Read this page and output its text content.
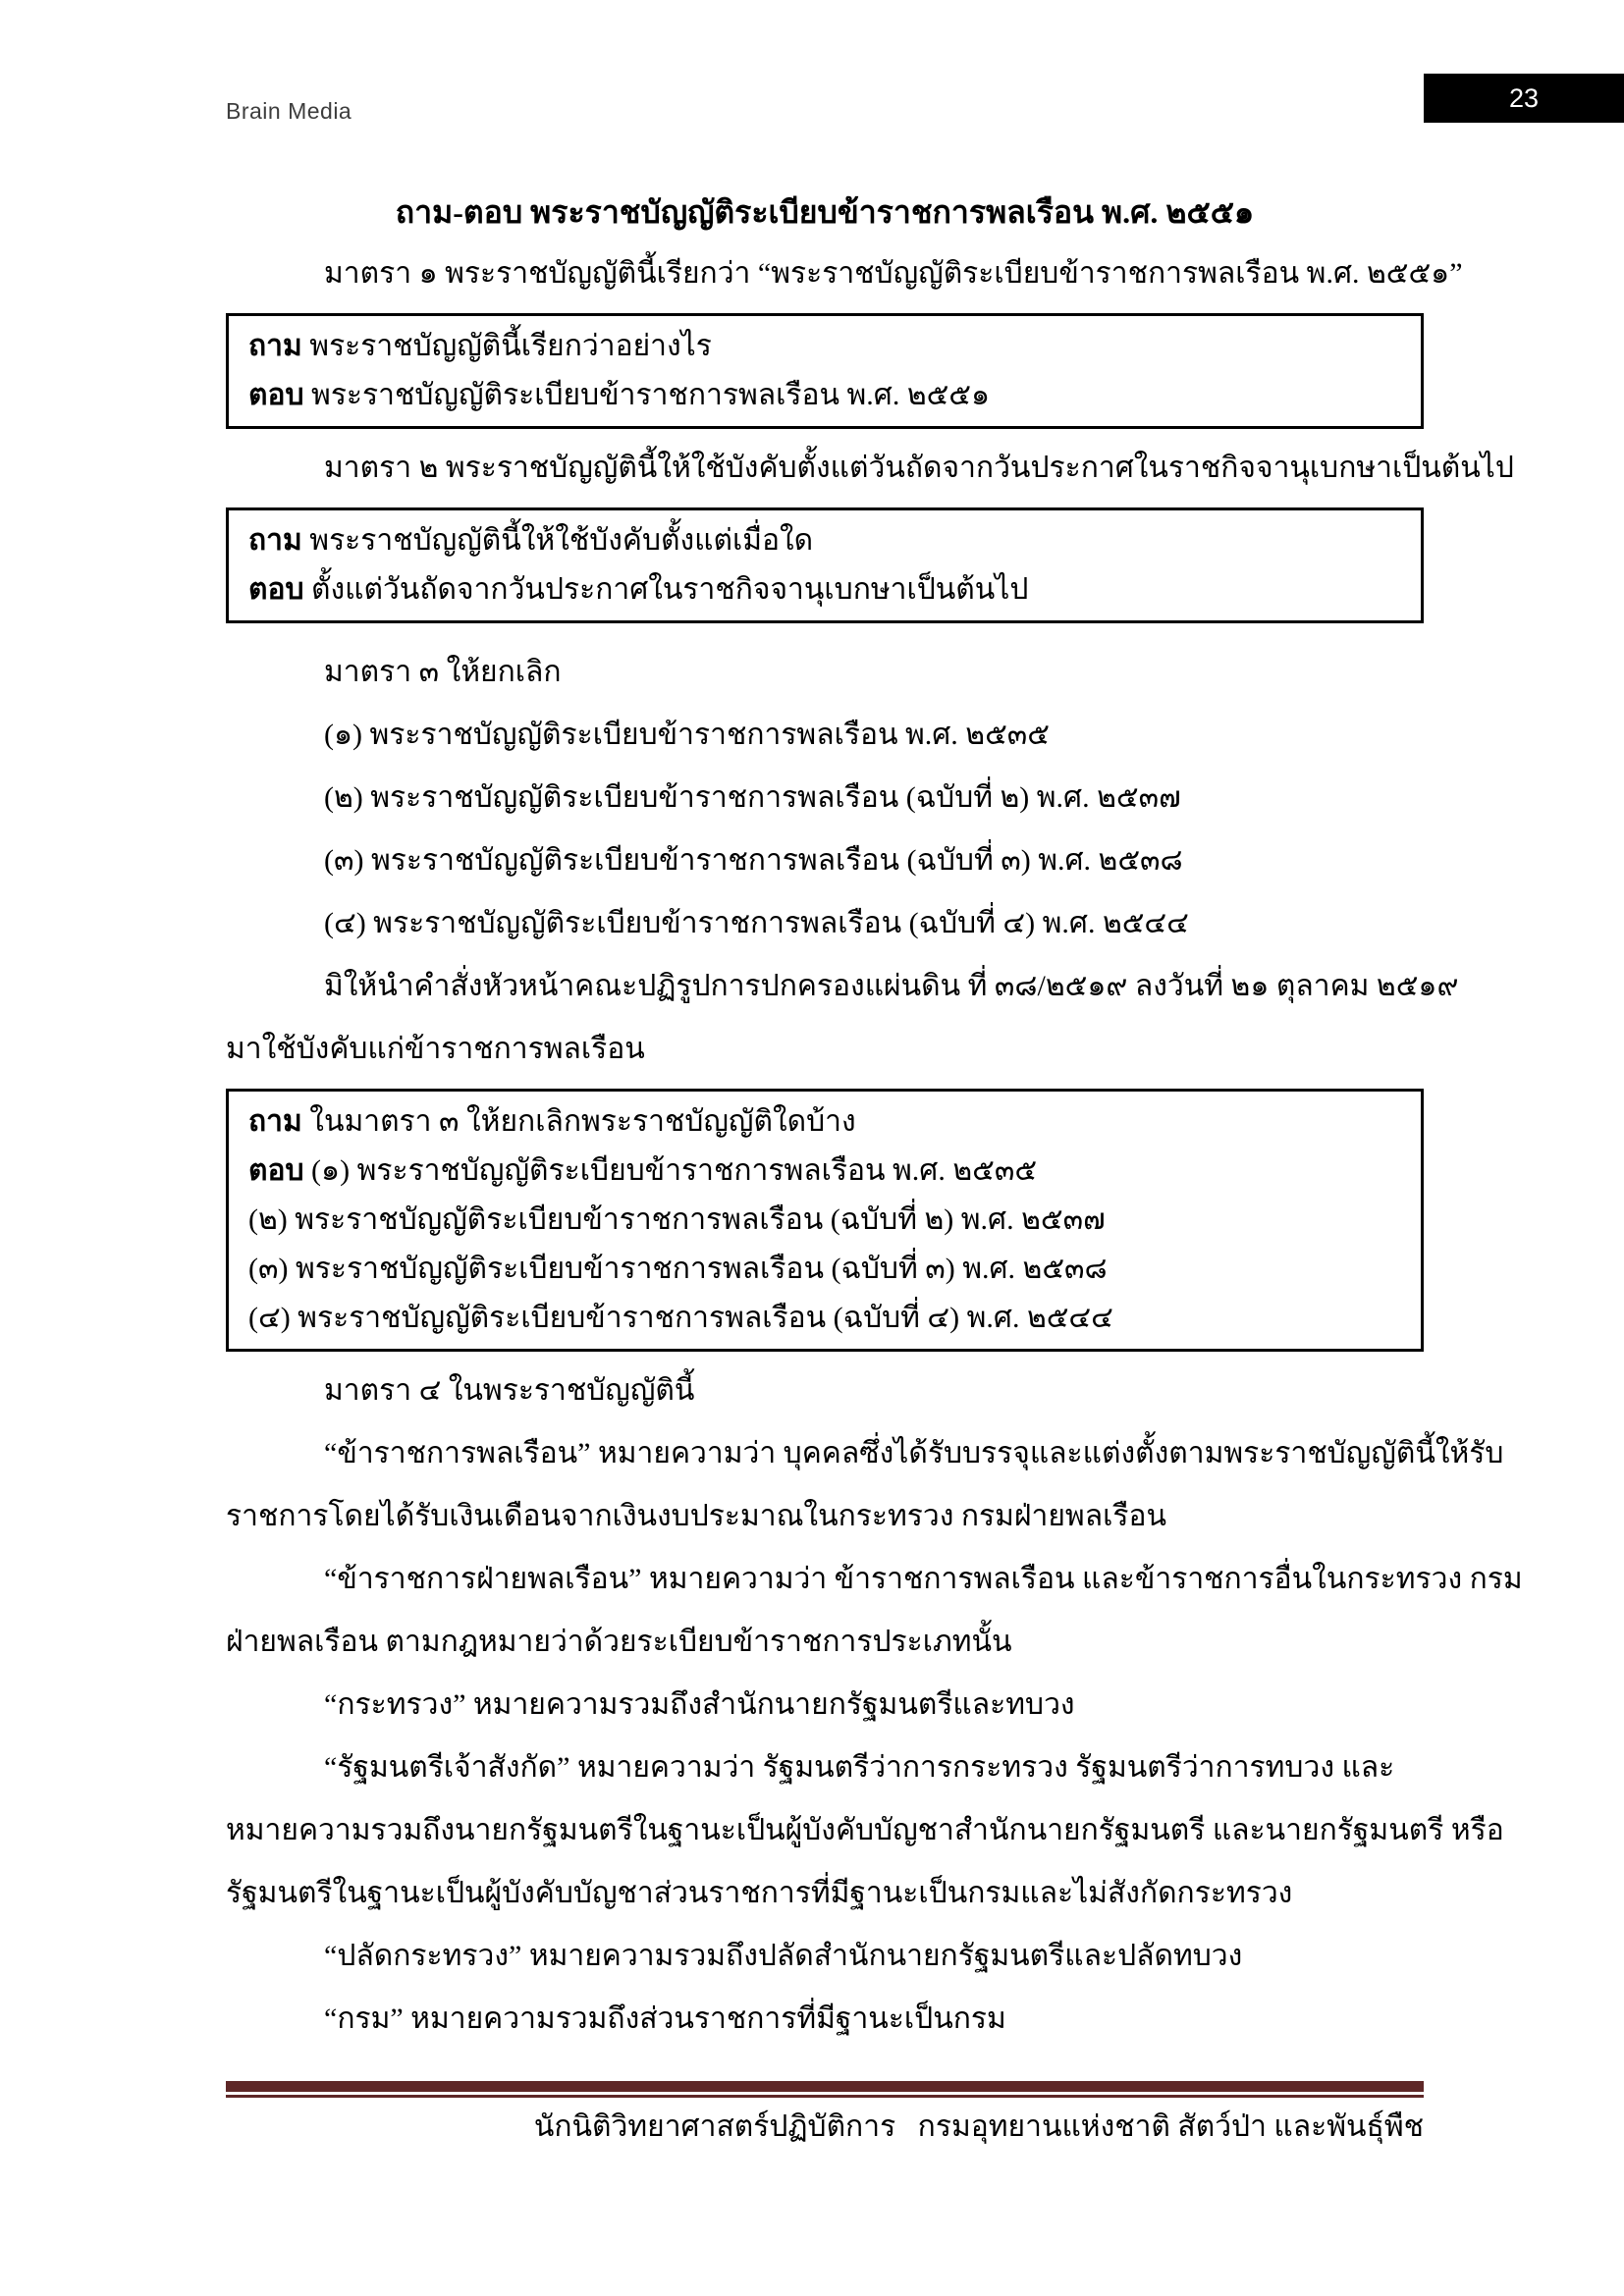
Brain Media	23
ถาม-ตอบ พระราชบัญญัติระเบียบข้าราชการพลเรือน พ.ศ. ๒๕๕๑
มาตรา ๑ พระราชบัญญัตินี้เรียกว่า “พระราชบัญญัติระเบียบข้าราชการพลเรือน พ.ศ. ๒๕๕๑”
ถาม พระราชบัญญัตินี้เรียกว่าอย่างไร
ตอบ พระราชบัญญัติระเบียบข้าราชการพลเรือน พ.ศ. ๒๕๕๑
มาตรา ๒ พระราชบัญญัตินี้ให้ใช้บังคับตั้งแต่วันถัดจากวันประกาศในราชกิจจานุเบกษาเป็นต้นไป
ถาม พระราชบัญญัตินี้ให้ใช้บังคับตั้งแต่เมื่อใด
ตอบ ตั้งแต่วันถัดจากวันประกาศในราชกิจจานุเบกษาเป็นต้นไป
มาตรา ๓ ให้ยกเลิก
(๑) พระราชบัญญัติระเบียบข้าราชการพลเรือน พ.ศ. ๒๕๓๕
(๒) พระราชบัญญัติระเบียบข้าราชการพลเรือน (ฉบับที่ ๒) พ.ศ. ๒๕๓๗
(๓) พระราชบัญญัติระเบียบข้าราชการพลเรือน (ฉบับที่ ๓) พ.ศ. ๒๕๓๘
(๔) พระราชบัญญัติระเบียบข้าราชการพลเรือน (ฉบับที่ ๔) พ.ศ. ๒๕๔๔
มิให้นำคำสั่งหัวหน้าคณะปฏิรูปการปกครองแผ่นดิน ที่ ๓๘/๒๕๑๙ ลงวันที่ ๒๑ ตุลาคม ๒๕๑๙
มาใช้บังคับแก่ข้าราชการพลเรือน
ถาม ในมาตรา ๓ ให้ยกเลิกพระราชบัญญัติใดบ้าง
ตอบ (๑) พระราชบัญญัติระเบียบข้าราชการพลเรือน พ.ศ. ๒๕๓๕
(๒) พระราชบัญญัติระเบียบข้าราชการพลเรือน (ฉบับที่ ๒) พ.ศ. ๒๕๓๗
(๓) พระราชบัญญัติระเบียบข้าราชการพลเรือน (ฉบับที่ ๓) พ.ศ. ๒๕๓๘
(๔) พระราชบัญญัติระเบียบข้าราชการพลเรือน (ฉบับที่ ๔) พ.ศ. ๒๕๔๔
มาตรา ๔ ในพระราชบัญญัตินี้
“ข้าราชการพลเรือน” หมายความว่า บุคคลซึ่งได้รับบรรจุและแต่งตั้งตามพระราชบัญญัตินี้ให้รับ
ราชการโดยได้รับเงินเดือนจากเงินงบประมาณในกระทรวง กรมฝ่ายพลเรือน
“ข้าราชการฝ่ายพลเรือน” หมายความว่า ข้าราชการพลเรือน และข้าราชการอื่นในกระทรวง กรม
ฝ่ายพลเรือน ตามกฎหมายว่าด้วยระเบียบข้าราชการประเภทนั้น
“กระทรวง” หมายความรวมถึงสำนักนายกรัฐมนตรีและทบวง
“รัฐมนตรีเจ้าสังกัด” หมายความว่า รัฐมนตรีว่าการกระทรวง รัฐมนตรีว่าการทบวง และ
หมายความรวมถึงนายกรัฐมนตรีในฐานะเป็นผู้บังคับบัญชาสำนักนายกรัฐมนตรี และนายกรัฐมนตรี หรือ
รัฐมนตรีในฐานะเป็นผู้บังคับบัญชาส่วนราชการที่มีฐานะเป็นกรมและไม่สังกัดกระทรวง
“ปลัดกระทรวง” หมายความรวมถึงปลัดสำนักนายกรัฐมนตรีและปลัดทบวง
“กรม” หมายความรวมถึงส่วนราชการที่มีฐานะเป็นกรม
นักนิติวิทยาศาสตร์ปฏิบัติการ   กรมอุทยานแห่งชาติ สัตว์ป่า และพันธุ์พืช
